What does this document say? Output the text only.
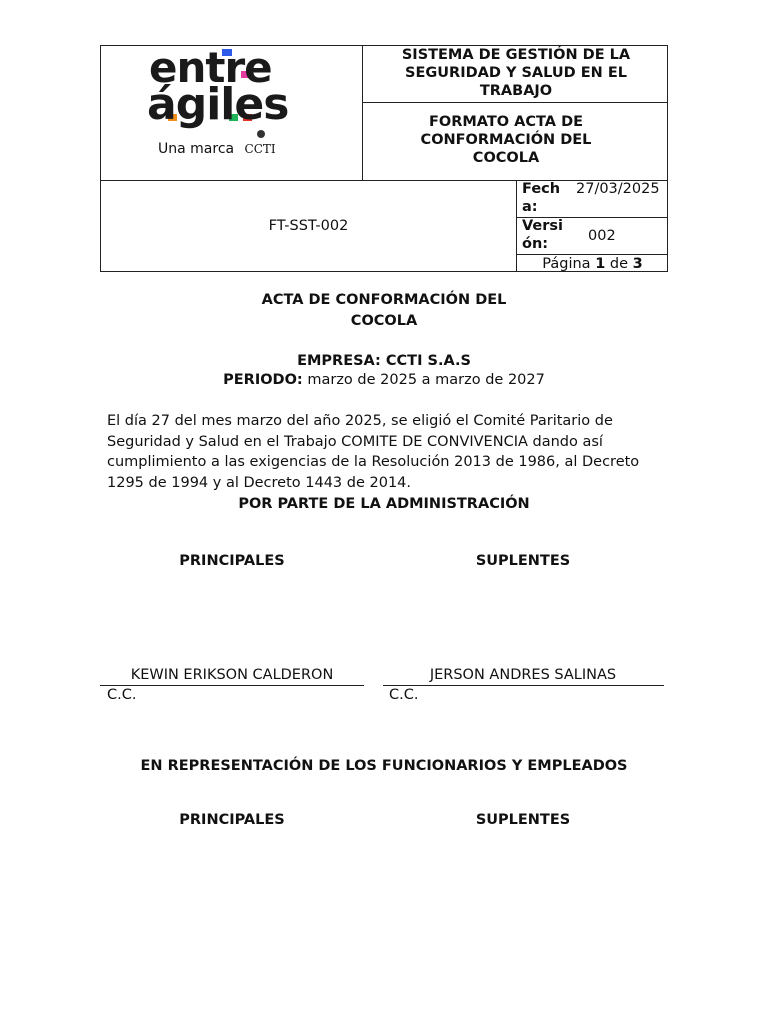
entre
ágiles
Una marca CCTI
SISTEMA DE GESTIÓN DE LA SEGURIDAD Y SALUD EN EL TRABAJO
FORMATO ACTA DE CONFORMACIÓN DEL COCOLA
FT-SST-002
Fecha:
27/03/2025
Versión:	002
Página 1 de 3
ACTA DE CONFORMACIÓN DEL COCOLA
EMPRESA: CCTI S.A.S
PERIODO: marzo de 2025 a marzo de 2027
El día 27 del mes marzo del año 2025, se eligió el Comité Paritario de Seguridad y Salud en el Trabajo COMITE DE CONVIVENCIA dando así cumplimiento a las exigencias de la Resolución 2013 de 1986, al Decreto 1295 de 1994 y al Decreto 1443 de 2014.
POR PARTE DE LA ADMINISTRACIÓN
PRINCIPALES	SUPLENTES
KEWIN ERIKSON CALDERON
C.C.
JERSON ANDRES SALINAS
C.C.
EN REPRESENTACIÓN DE LOS FUNCIONARIOS Y EMPLEADOS
PRINCIPALES	SUPLENTES
